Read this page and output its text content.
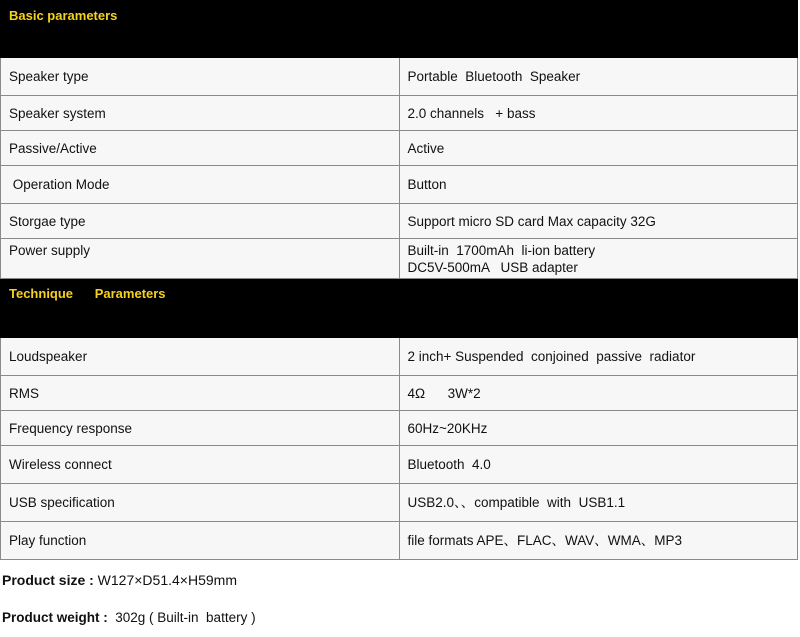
Basic parameters	
Speaker type	Portable  Bluetooth  Speaker
Speaker system	2.0 channels   + bass
Passive/Active	Active
Operation Mode	Button
Storgae type	Support micro SD card Max capacity 32G
Power supply	Built-in  1700mAh  li-ion battery
DC5V-500mA   USB adapter

Technique      Parameters	
Loudspeaker	2 inch+ Suspended  conjoined  passive  radiator
RMS	4Ω      3W*2
Frequency response	60Hz~20KHz
Wireless connect	Bluetooth  4.0
USB specification	USB2.0、、compatible  with  USB1.1
Play function	file formats APE、FLAC、WAV、WMA、MP3
Product size : W127×D51.4×H59mm
Product weight :  302g ( Built-in  battery )
